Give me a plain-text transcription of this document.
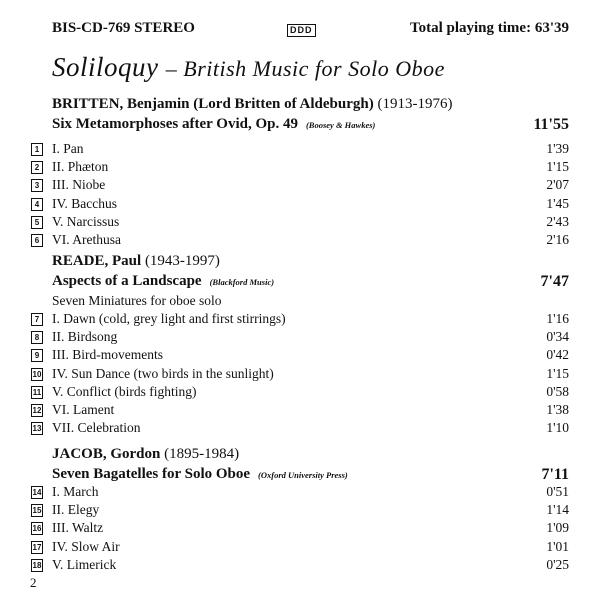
BIS-CD-769 STEREO	DDD	Total playing time: 63'39
Soliloquy – British Music for Solo Oboe
BRITTEN, Benjamin (Lord Britten of Aldeburgh) (1913-1976)
Six Metamorphoses after Ovid, Op. 49 (Boosey & Hawkes)	11'55
1 I. Pan	1'39
2 II. Phæton	1'15
3 III. Niobe	2'07
4 IV. Bacchus	1'45
5 V. Narcissus	2'43
6 VI. Arethusa	2'16
READE, Paul (1943-1997)
Aspects of a Landscape (Blackford Music)	7'47
Seven Miniatures for oboe solo
7 I. Dawn (cold, grey light and first stirrings)	1'16
8 II. Birdsong	0'34
9 III. Bird-movements	0'42
10 IV. Sun Dance (two birds in the sunlight)	1'15
11 V. Conflict (birds fighting)	0'58
12 VI. Lament	1'38
13 VII. Celebration	1'10
JACOB, Gordon (1895-1984)
Seven Bagatelles for Solo Oboe (Oxford University Press)	7'11
14 I. March	0'51
15 II. Elegy	1'14
16 III. Waltz	1'09
17 IV. Slow Air	1'01
18 V. Limerick	0'25
2
